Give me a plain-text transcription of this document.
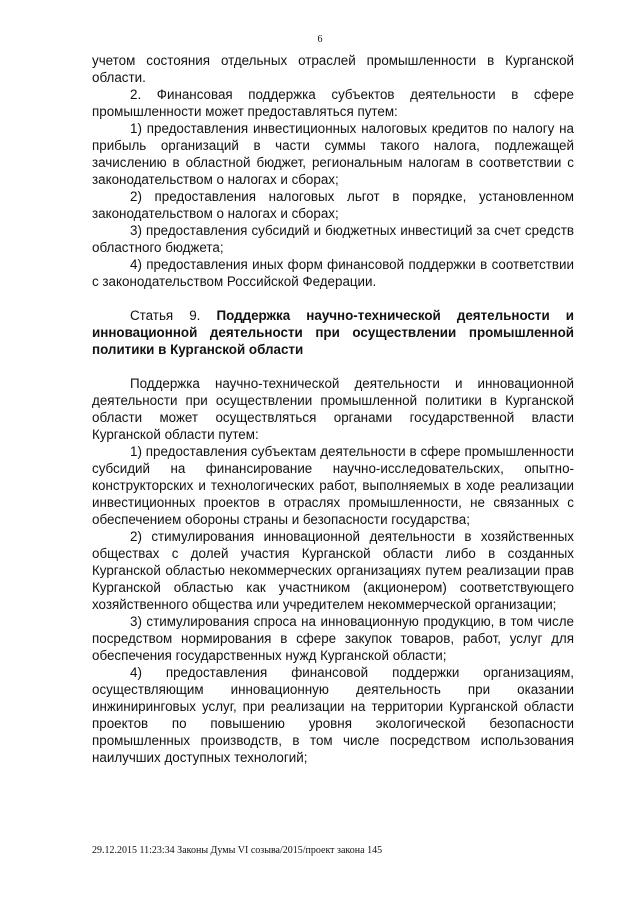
6

учетом состояния отдельных отраслей промышленности в Курганской области.

2. Финансовая поддержка субъектов деятельности в сфере промышленности может предоставляться путем:

1) предоставления инвестиционных налоговых кредитов по налогу на прибыль организаций в части суммы такого налога, подлежащей зачислению в областной бюджет, региональным налогам в соответствии с законодательством о налогах и сборах;

2) предоставления налоговых льгот в порядке, установленном законодательством о налогах и сборах;

3) предоставления субсидий и бюджетных инвестиций за счет средств областного бюджета;

4) предоставления иных форм финансовой поддержки в соответствии с законодательством Российской Федерации.

Статья 9. Поддержка научно-технической деятельности и инновационной деятельности при осуществлении промышленной политики в Курганской области

Поддержка научно-технической деятельности и инновационной деятельности при осуществлении промышленной политики в Курганской области может осуществляться органами государственной власти Курганской области путем:

1) предоставления субъектам деятельности в сфере промышленности субсидий на финансирование научно-исследовательских, опытно-конструкторских и технологических работ, выполняемых в ходе реализации инвестиционных проектов в отраслях промышленности, не связанных с обеспечением обороны страны и безопасности государства;

2) стимулирования инновационной деятельности в хозяйственных обществах с долей участия Курганской области либо в созданных Курганской областью некоммерческих организациях путем реализации прав Курганской областью как участником (акционером) соответствующего хозяйственного общества или учредителем некоммерческой организации;

3) стимулирования спроса на инновационную продукцию, в том числе посредством нормирования в сфере закупок товаров, работ, услуг для обеспечения государственных нужд Курганской области;

4) предоставления финансовой поддержки организациям, осуществляющим инновационную деятельность при оказании инжиниринговых услуг, при реализации на территории Курганской области проектов по повышению уровня экологической безопасности промышленных производств, в том числе посредством использования наилучших доступных технологий;

29.12.2015 11:23:34 Законы Думы VI созыва/2015/проект закона 145
